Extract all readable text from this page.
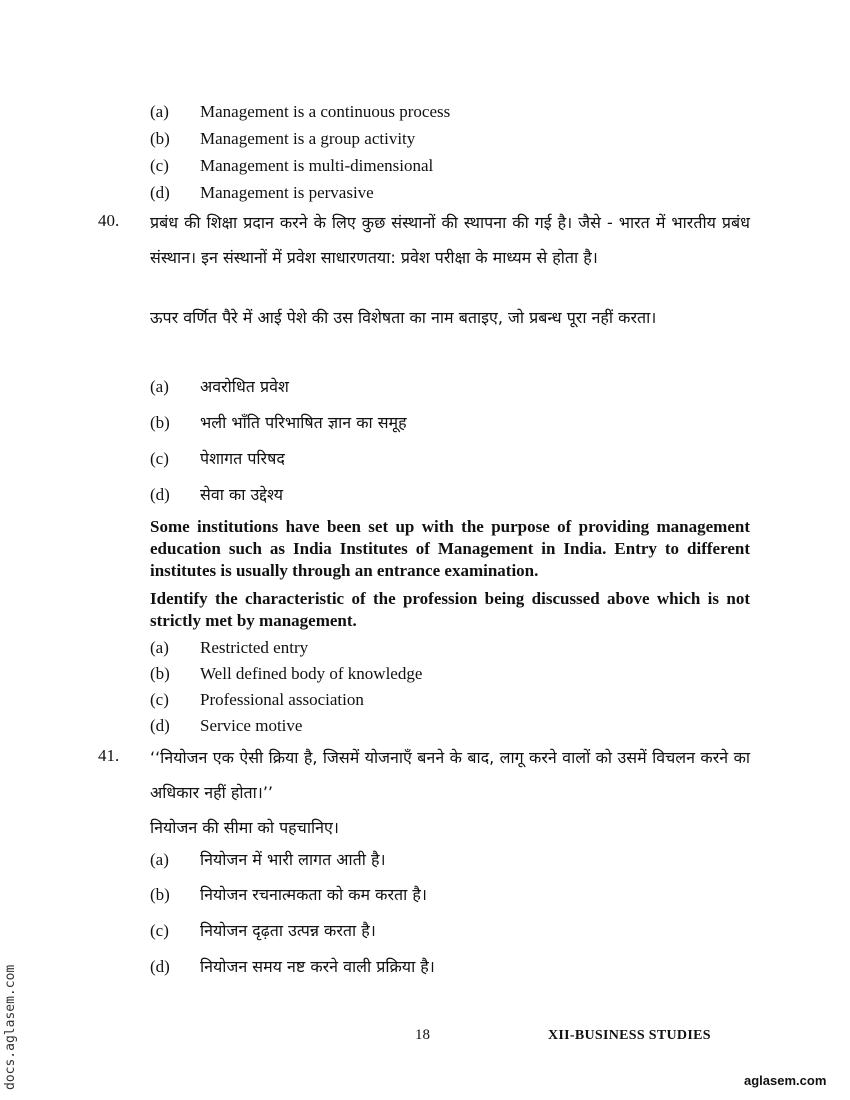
(a) Management is a continuous process
(b) Management is a group activity
(c) Management is multi-dimensional
(d) Management is pervasive
40. प्रबंध की शिक्षा प्रदान करने के लिए कुछ संस्थानों की स्थापना की गई है। जैसे - भारत में भारतीय प्रबंध संस्थान। इन संस्थानों में प्रवेश साधारणतया: प्रवेश परीक्षा के माध्यम से होता है।
ऊपर वर्णित पैरे में आई पेशे की उस विशेषता का नाम बताइए, जो प्रबन्ध पूरा नहीं करता।
(a) अवरोधित प्रवेश
(b) भली भाँति परिभाषित ज्ञान का समूह
(c) पेशागत परिषद
(d) सेवा का उद्देश्य
Some institutions have been set up with the purpose of providing management education such as India Institutes of Management in India. Entry to different institutes is usually through an entrance examination.
Identify the characteristic of the profession being discussed above which is not strictly met by management.
(a) Restricted entry
(b) Well defined body of knowledge
(c) Professional association
(d) Service motive
41. ‘‘नियोजन एक ऐसी क्रिया है, जिसमें योजनाएँ बनने के बाद, लागू करने वालों को उसमें विचलन करने का अधिकार नहीं होता।’’
नियोजन की सीमा को पहचानिए।
(a) नियोजन में भारी लागत आती है।
(b) नियोजन रचनात्मकता को कम करता है।
(c) नियोजन दृढ़ता उत्पन्न करता है।
(d) नियोजन समय नष्ट करने वाली प्रक्रिया है।
18	XII-BUSINESS STUDIES
docs.aglasem.com	aglasem.com
